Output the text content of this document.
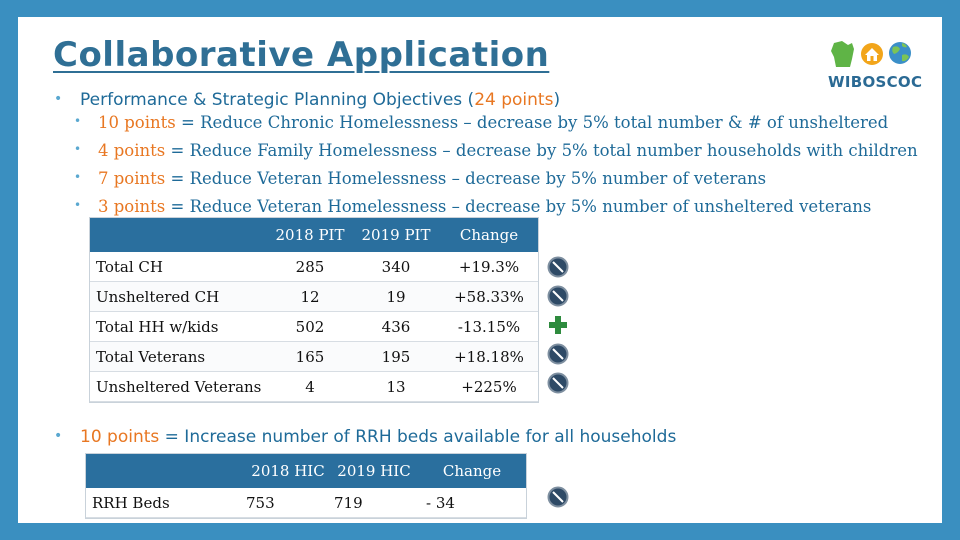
Collaborative Application
WIBOSCOC
• Performance & Strategic Planning Objectives (24 points)
• 10 points = Reduce Chronic Homelessness – decrease by 5% total number & # of unsheltered
• 4 points = Reduce Family Homelessness – decrease by 5% total number households with children
• 7 points = Reduce Veteran Homelessness – decrease by 5% number of veterans
• 3 points = Reduce Veteran Homelessness – decrease by 5% number of unsheltered veterans
	2018 PIT	2019 PIT	Change
Total CH	285	340	+19.3%
Unsheltered CH	12	19	+58.33%
Total HH w/kids	502	436	-13.15%
Total Veterans	165	195	+18.18%
Unsheltered Veterans	4	13	+225%
• 10 points = Increase number of RRH beds available for all households
	2018 HIC	2019 HIC	Change
RRH Beds	753	719	- 34
